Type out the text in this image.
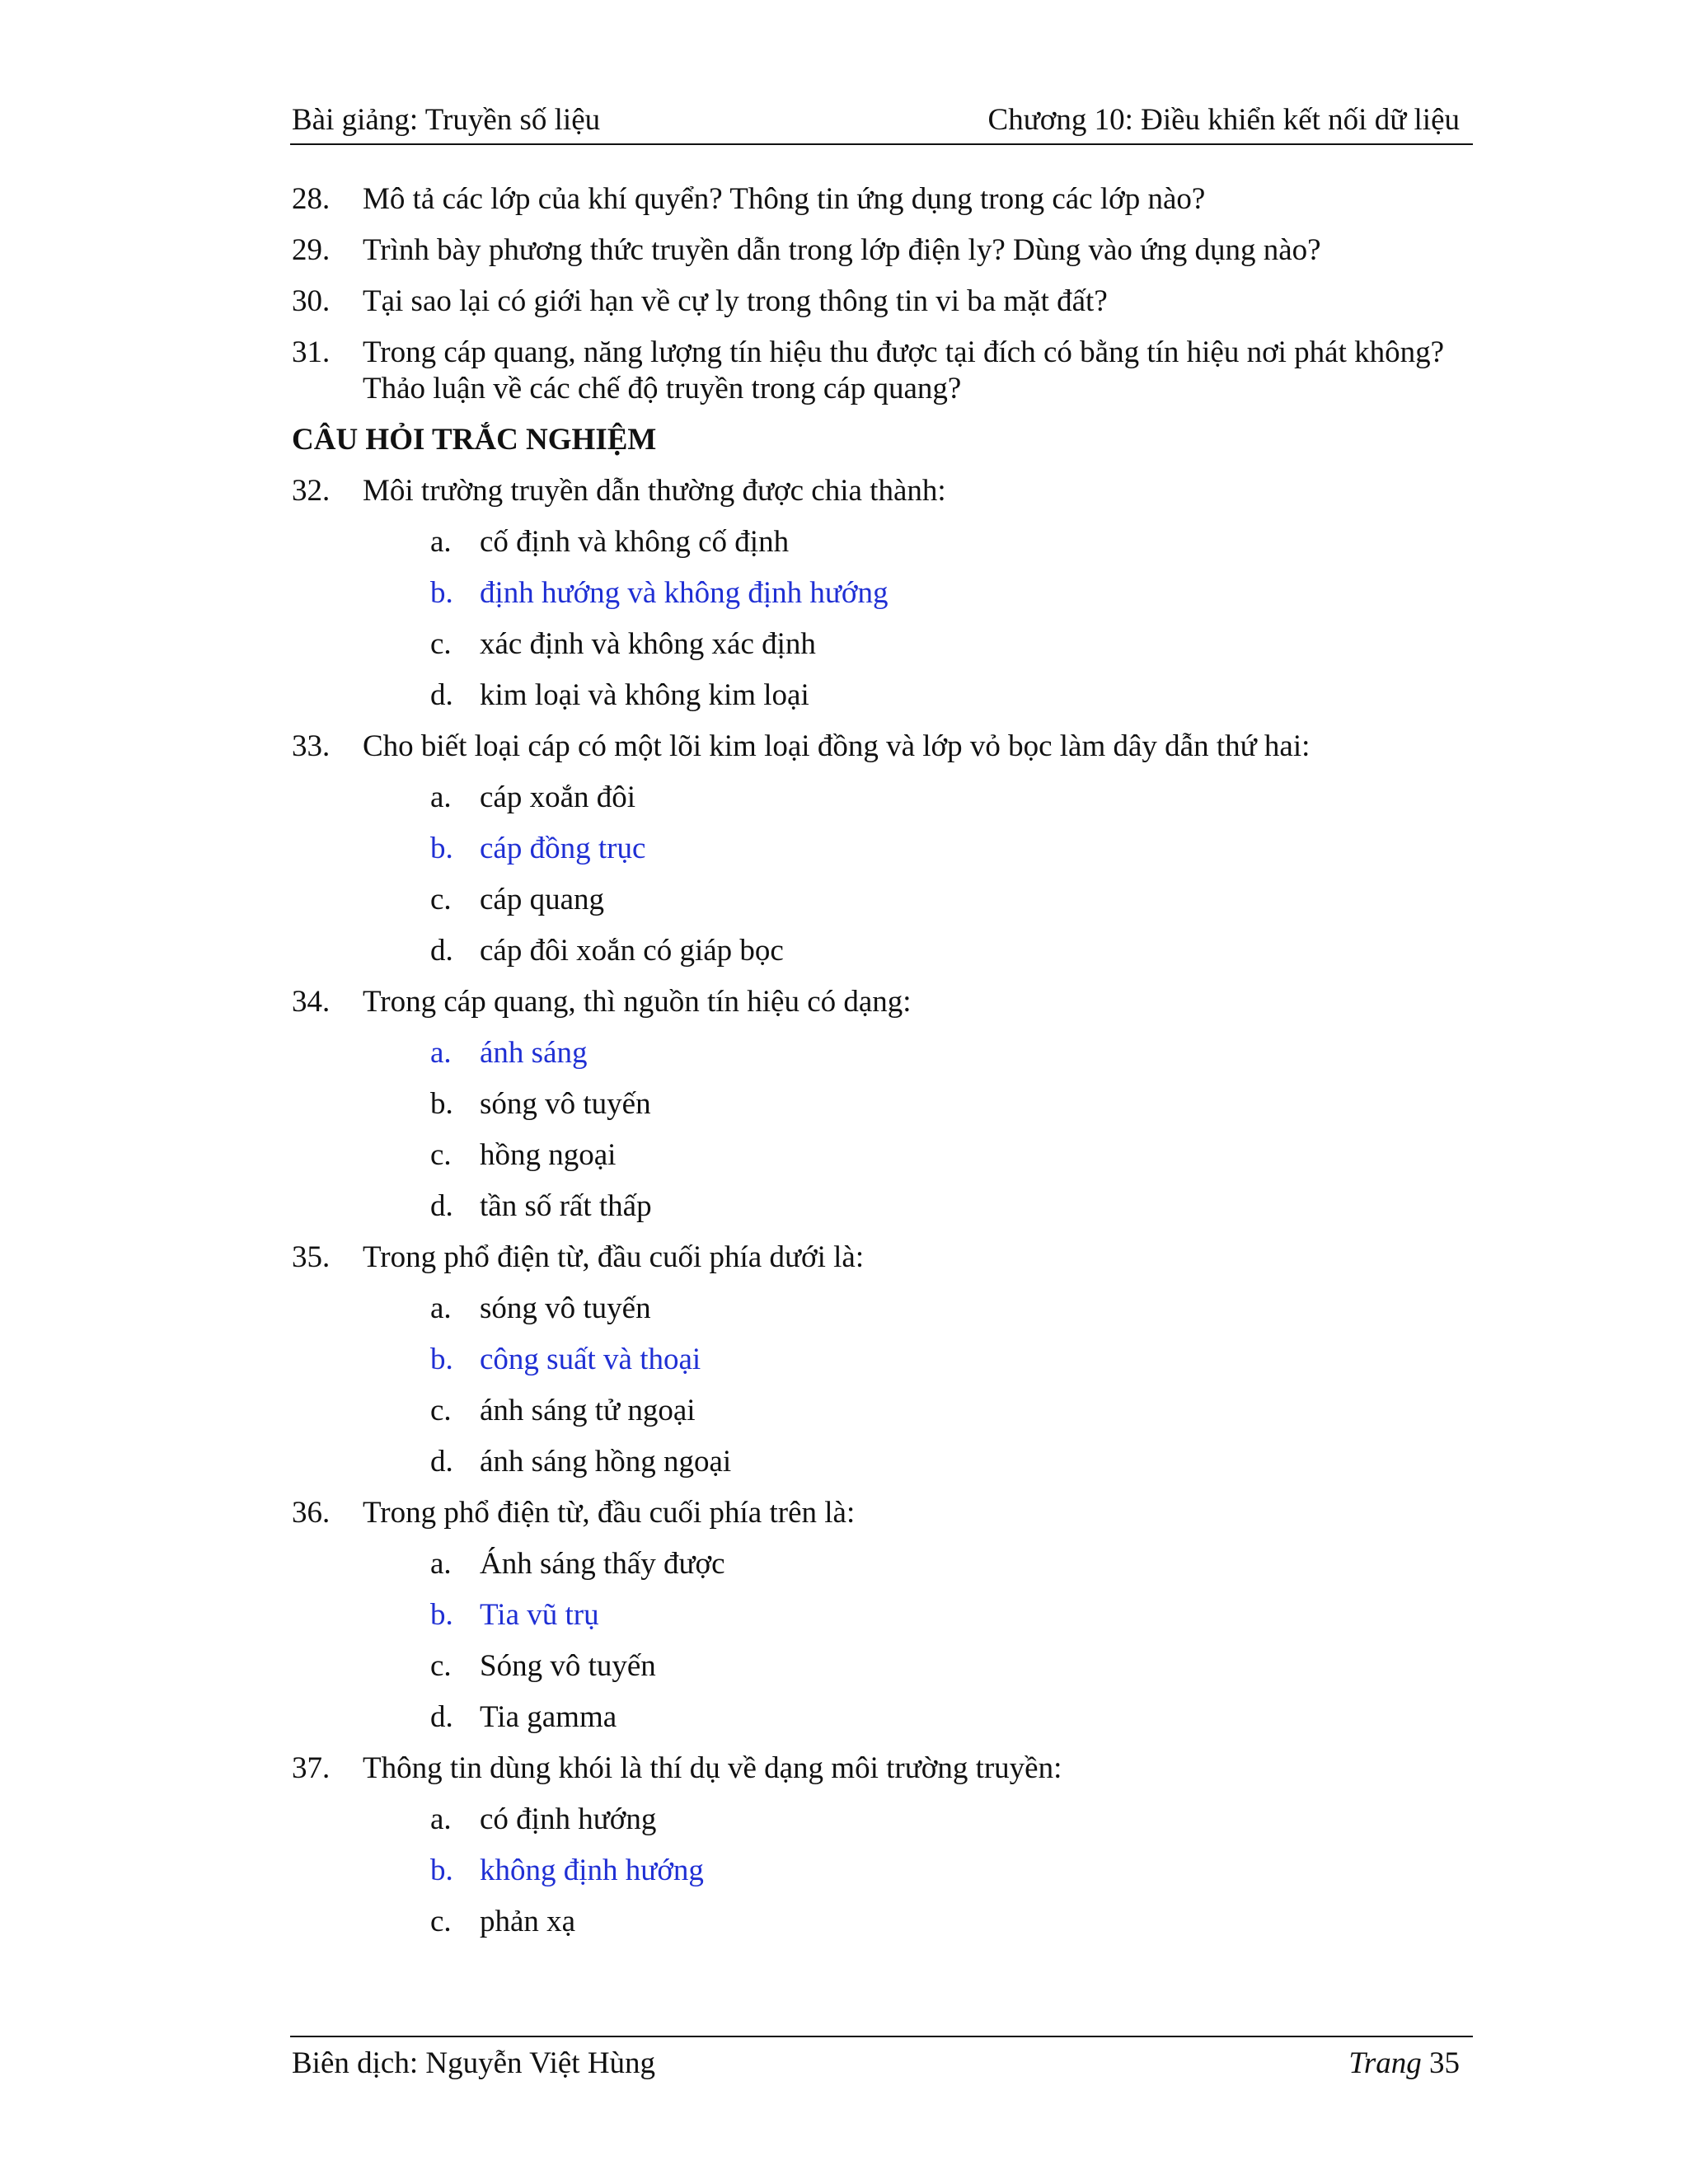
Bài giảng: Truyền số liệu	Chương 10: Điều khiển kết nối dữ liệu
28. Mô tả các lớp của khí quyển? Thông tin ứng dụng trong các lớp nào?
29. Trình bày phương thức truyền dẫn trong lớp điện ly? Dùng vào ứng dụng nào?
30. Tại sao lại có giới hạn về cự ly trong thông tin vi ba mặt đất?
31. Trong cáp quang, năng lượng tín hiệu thu được tại đích có bằng tín hiệu nơi phát không? Thảo luận về các chế độ truyền trong cáp quang?
CÂU HỎI TRẮC NGHIỆM
32. Môi trường truyền dẫn thường được chia thành:
a. cố định và không cố định
b. định hướng và không định hướng
c. xác định và không xác định
d. kim loại và không kim loại
33. Cho biết loại cáp có một lõi kim loại đồng và lớp vỏ bọc làm dây dẫn thứ hai:
a. cáp xoắn đôi
b. cáp đồng trục
c. cáp quang
d. cáp đôi xoắn có giáp bọc
34. Trong cáp quang, thì nguồn tín hiệu có dạng:
a. ánh sáng
b. sóng vô tuyến
c. hồng ngoại
d. tần số rất thấp
35. Trong phổ điện từ, đầu cuối phía dưới là:
a. sóng vô tuyến
b. công suất và thoại
c. ánh sáng tử ngoại
d. ánh sáng hồng ngoại
36. Trong phổ điện từ, đầu cuối phía trên là:
a. Ánh sáng thấy được
b. Tia vũ trụ
c. Sóng vô tuyến
d. Tia gamma
37. Thông tin dùng khói là thí dụ về dạng môi trường truyền:
a. có định hướng
b. không định hướng
c. phản xạ
Biên dịch: Nguyễn Việt Hùng	Trang 35
